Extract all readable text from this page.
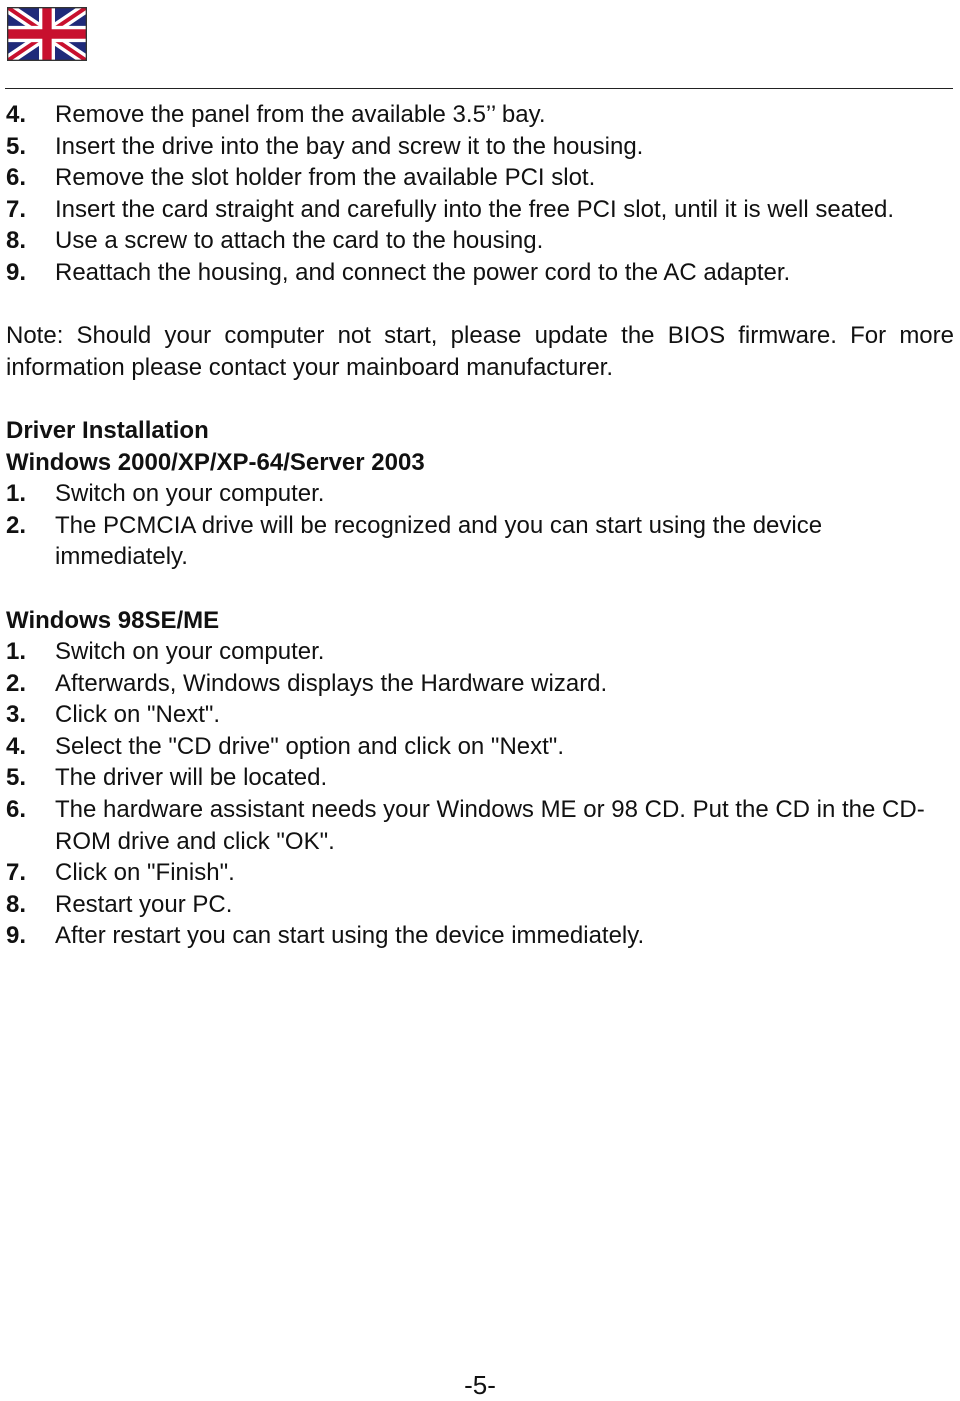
4.	Remove the panel from the available 3.5’’ bay.
5.	Insert the drive into the bay and screw it to the housing.
6.	Remove the slot holder from the available PCI slot.
7.	Insert the card straight and carefully into the free PCI slot, until it is well seated.
8.	Use a screw to attach the card to the housing.
9.	Reattach the housing, and connect the power cord to the AC adapter.

Note: Should your computer not start, please update the BIOS firmware. For more information please contact your mainboard manufacturer.

Driver Installation

Windows 2000/XP/XP-64/Server 2003

1.	Switch on your computer.
2.	The PCMCIA drive will be recognized and you can start using the device immediately.

Windows 98SE/ME

1.	Switch on your computer.
2.	Afterwards, Windows displays the Hardware wizard.
3.	Click on "Next".
4.	Select the "CD drive" option and click on "Next".
5.	The driver will be located.
6.	The hardware assistant needs your Windows ME or 98 CD. Put the CD in the CD-ROM drive and click "OK".
7.	Click on "Finish".
8.	Restart your PC.
9.	After restart you can start using the device immediately.
-5-
